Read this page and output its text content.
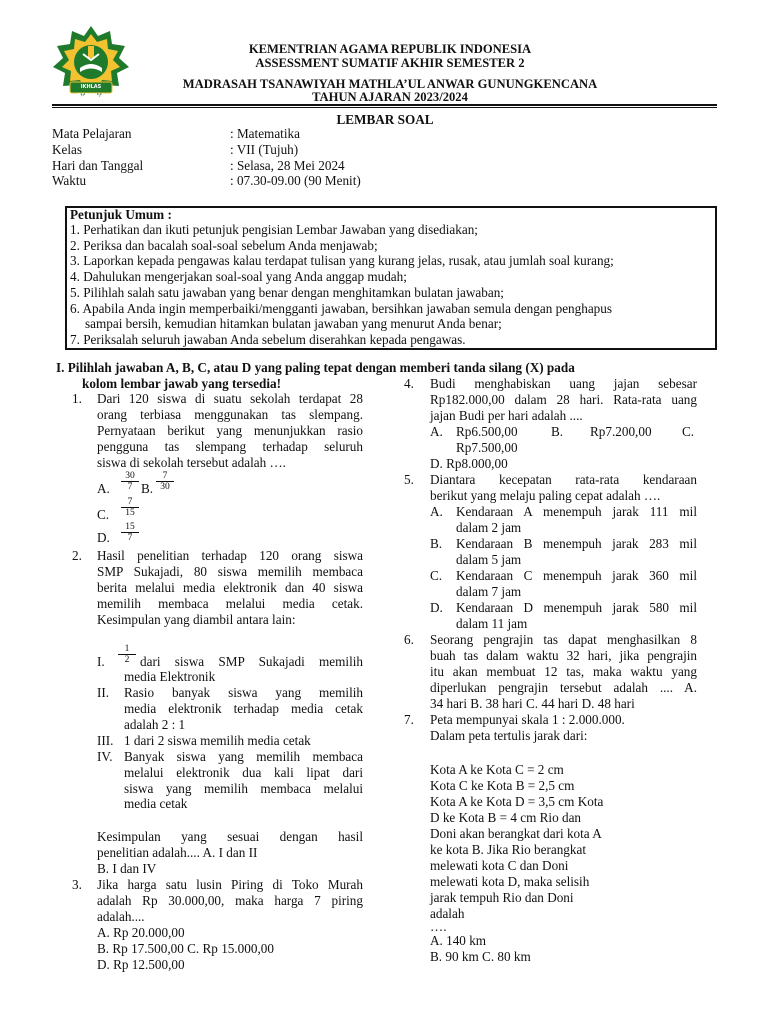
IKHLAS BERAMAL
KEMENTRIAN AGAMA REPUBLIK INDONESIA
ASSESSMENT SUMATIF AKHIR SEMESTER 2
MADRASAH TSANAWIYAH MATHLA’UL ANWAR GUNUNGKENCANA
TAHUN AJARAN 2023/2024
LEMBAR SOAL
Mata Pelajaran	: Matematika
Kelas	: VII (Tujuh)
Hari dan Tanggal	: Selasa, 28 Mei 2024
Waktu	: 07.30-09.00 (90 Menit)
Petunjuk Umum :
1. Perhatikan dan ikuti petunjuk pengisian Lembar Jawaban yang disediakan;
2. Periksa dan bacalah soal-soal sebelum Anda menjawab;
3. Laporkan kepada pengawas kalau terdapat tulisan yang kurang jelas, rusak, atau jumlah soal kurang;
4. Dahulukan mengerjakan soal-soal yang Anda anggap mudah;
5. Pilihlah salah satu jawaban yang benar dengan menghitamkan bulatan jawaban;
6. Apabila Anda ingin memperbaiki/mengganti jawaban, bersihkan jawaban semula dengan penghapus
sampai bersih, kemudian hitamkan bulatan jawaban yang menurut Anda benar;
7. Periksalah seluruh jawaban Anda sebelum diserahkan kepada pengawas.
I. Pilihlah jawaban A, B, C, atau D yang paling tepat dengan memberi tanda silang (X) pada
kolom lembar jawab yang tersedia!
1. Dari 120 siswa di suatu sekolah terdapat 28
orang terbiasa menggunakan tas slempang.
Pernyataan berikut yang menunjukkan rasio
pengguna tas slempang terhadap seluruh
siswa di sekolah tersebut adalah ….
A. $\frac{30}{7} B$. $\frac{7}{30}$
C. $\frac{7}{15}$
D. $\frac{15}{7}$
2. Hasil penelitian terhadap 120 orang siswa
SMP Sukajadi, 80 siswa memilih membaca
berita melalui media elektronik dan 40 siswa
memilih membaca melalui media cetak.
Kesimpulan yang diambil antara lain:
I. $\frac{1}{2}$ dari siswa SMP Sukajadi memilih
media Elektronik
II. Rasio banyak siswa yang memilih
media elektronik terhadap media cetak
adalah 2 : 1
III. 1 dari 2 siswa memilih media cetak
IV. Banyak siswa yang memilih membaca
melalui elektronik dua kali lipat dari
siswa yang memilih membaca melalui
media cetak
Kesimpulan yang sesuai dengan hasil
penelitian adalah.... A. I dan II
B. I dan IV
3. Jika harga satu lusin Piring di Toko Murah
adalah Rp 30.000,00, maka harga 7 piring
adalah....
A. Rp 20.000,00
B. Rp 17.500,00 C. Rp 15.000,00
D. Rp 12.500,00
4. Budi menghabiskan uang jajan sebesar
Rp182.000,00 dalam 28 hari. Rata-rata uang
jajan Budi per hari adalah ....
A. Rp6.500,00	B. Rp7.200,00 C.
Rp7.500,00
D. Rp8.000,00
5. Diantara kecepatan rata-rata kendaraan
berikut yang melaju paling cepat adalah ….
A. Kendaraan A menempuh jarak 111 mil
dalam 2 jam
B. Kendaraan B menempuh jarak 283 mil
dalam 5 jam
C. Kendaraan C menempuh jarak 360 mil
dalam 7 jam
D. Kendaraan D menempuh jarak 580 mil
dalam 11 jam
6. Seorang pengrajin tas dapat menghasilkan 8
buah tas dalam waktu 32 hari, jika pengrajin
itu akan membuat 12 tas, maka waktu yang
diperlukan pengrajin tersebut adalah .... A.
34 hari B. 38 hari C. 44 hari D. 48 hari
7. Peta mempunyai skala 1 : 2.000.000.
Dalam peta tertulis jarak dari:
Kota A ke Kota C = 2 cm
Kota C ke Kota B = 2,5 cm
Kota A ke Kota D = 3,5 cm Kota
D ke Kota B = 4 cm Rio dan
Doni akan berangkat dari kota A
ke kota B. Jika Rio berangkat
melewati kota C dan Doni
melewati kota D, maka selisih
jarak tempuh Rio dan Doni
adalah
….
A. 140 km
B. 90 km C. 80 km
